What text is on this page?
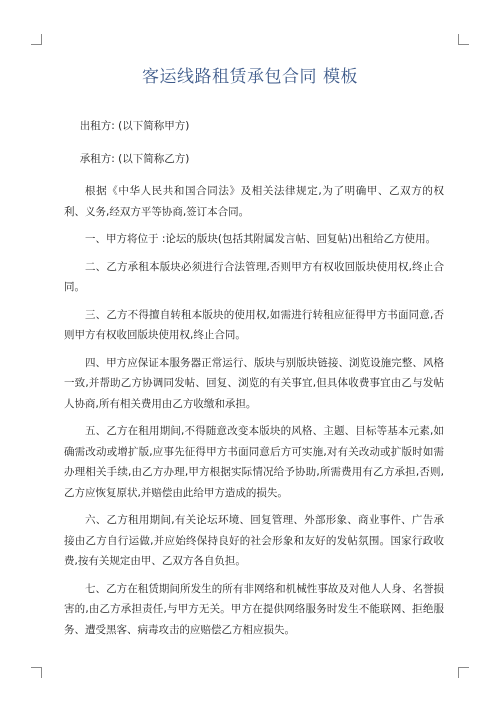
客运线路租赁承包合同 模板

出租方: (以下简称甲方)

承租方: (以下简称乙方)

根据《中华人民共和国合同法》及相关法律规定,为了明确甲、乙双方的权利、义务,经双方平等协商,签订本合同。

一、甲方将位于 :论坛的版块(包括其附属发言帖、回复帖)出租给乙方使用。

二、乙方承租本版块必须进行合法管理,否则甲方有权收回版块使用权,终止合同。

三、乙方不得擅自转租本版块的使用权,如需进行转租应征得甲方书面同意,否则甲方有权收回版块使用权,终止合同。

四、甲方应保证本服务器正常运行、版块与别版块链接、浏览设施完整、风格一致,并帮助乙方协调同发帖、回复、浏览的有关事宜,但具体收费事宜由乙与发帖人协商,所有相关费用由乙方收缴和承担。

五、乙方在租用期间,不得随意改变本版块的风格、主题、目标等基本元素,如确需改动或增扩版,应事先征得甲方书面同意后方可实施,对有关改动或扩版时如需办理相关手续,由乙方办理,甲方根据实际情况给予协助,所需费用有乙方承担,否则,乙方应恢复原状,并赔偿由此给甲方造成的损失。

六、乙方租用期间,有关论坛环境、回复管理、外部形象、商业事件、广告承接由乙方自行运做,并应始终保持良好的社会形象和友好的发帖氛围。国家行政收费,按有关规定由甲、乙双方各自负担。

七、乙方在租赁期间所发生的所有非网络和机械性事故及对他人人身、名誉损害的,由乙方承担责任,与甲方无关。甲方在提供网络服务时发生不能联网、拒绝服务、遭受黑客、病毒攻击的应赔偿乙方相应损失。
